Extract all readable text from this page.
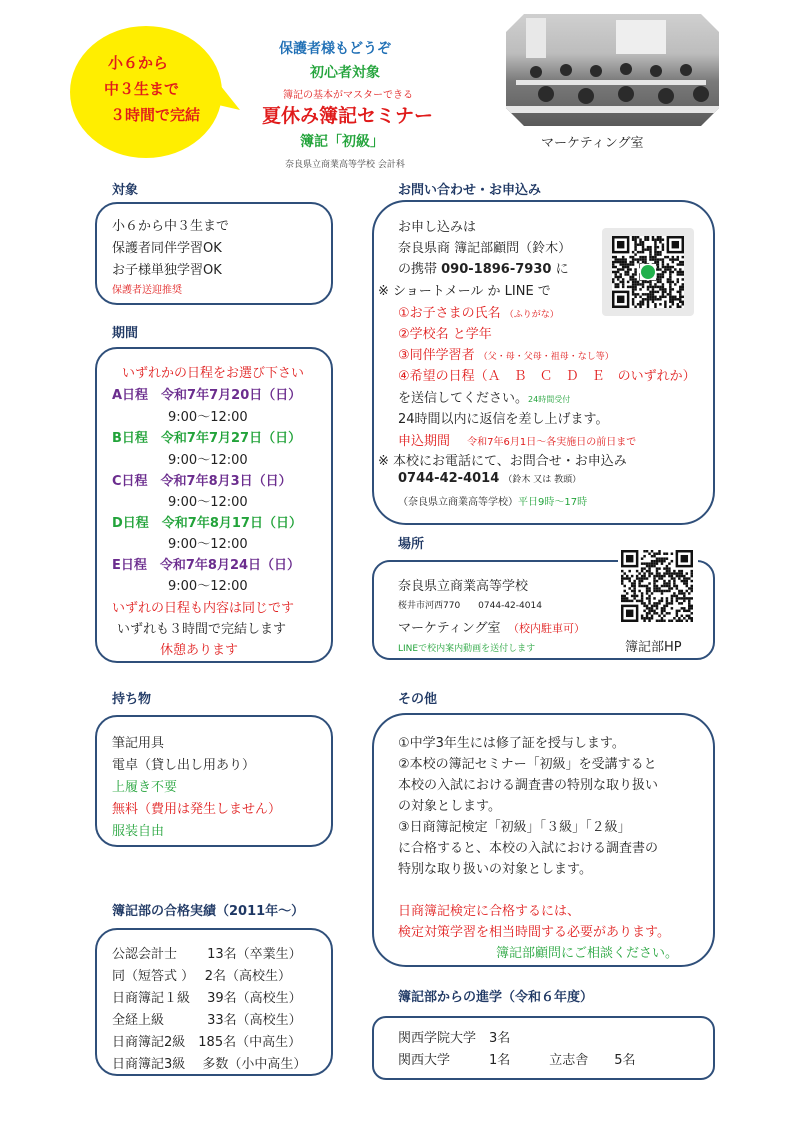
小６から
中３生まで
３時間で完結
保護者様もどうぞ
初心者対象
簿記の基本がマスターできる
夏休み簿記セミナー
簿記「初級」
奈良県立商業高等学校 会計科
マーケティング室
対象
小６から中３生まで
保護者同伴学習OK
お子様単独学習OK
保護者送迎推奨
期間
いずれかの日程をお選び下さい
A日程　令和7年7月20日（日）
9:00～12:00
B日程　令和7年7月27日（日）
9:00～12:00
C日程　令和7年8月3日（日）
9:00～12:00
D日程　令和7年8月17日（日）
9:00～12:00
E日程　令和7年8月24日（日）
9:00～12:00
いずれの日程も内容は同じです
いずれも３時間で完結します
休憩あります
お問い合わせ・お申込み
お申し込みは
奈良県商 簿記部顧問（鈴木）
の携帯 090-1896-7930 に
※ ショートメール か LINE で
①お子さまの氏名 （ふりがな）
②学校名 と学年
③同伴学習者 （父・母・父母・祖母・なし等）
④希望の日程（Ａ　Ｂ　Ｃ　Ｄ　Ｅ　のいずれか）
を送信してください。24時間受付
24時間以内に返信を差し上げます。
申込期間　 令和7年6月1日～各実施日の前日まで
※ 本校にお電話にて、お問合せ・お申込み
0744-42-4014 （鈴木 又は 教頭）
（奈良県立商業高等学校）平日9時～17時
場所
奈良県立商業高等学校
桜井市河西770　　0744-42-4014
マーケティング室　 （校内駐車可）
LINEで校内案内動画を送付します	簿記部HP
持ち物
筆記用具
電卓（貸し出し用あり）
上履き不要
無料（費用は発生しません）
服装自由
その他
①中学3年生には修了証を授与します。
②本校の簿記セミナー「初級」を受講すると
本校の入試における調査書の特別な取り扱い
の対象とします。
③日商簿記検定「初級」「３級」「２級」
に合格すると、本校の入試における調査書の
特別な取り扱いの対象とします。
日商簿記検定に合格するには、
検定対策学習を相当時間する必要があります。
簿記部顧問にご相談ください。
簿記部の合格実績（2011年～）
公認会計士　　 13名（卒業生）
同（短答式 ）　 2名（高校生）
日商簿記１級　 39名（高校生）
全経上級　　　 33名（高校生）
日商簿記2級　185名（中高生）
日商簿記3級　 多数（小中高生）
簿記部からの進学（令和６年度）
関西学院大学　3名
関西大学　　　1名　　　立志舎　　5名
